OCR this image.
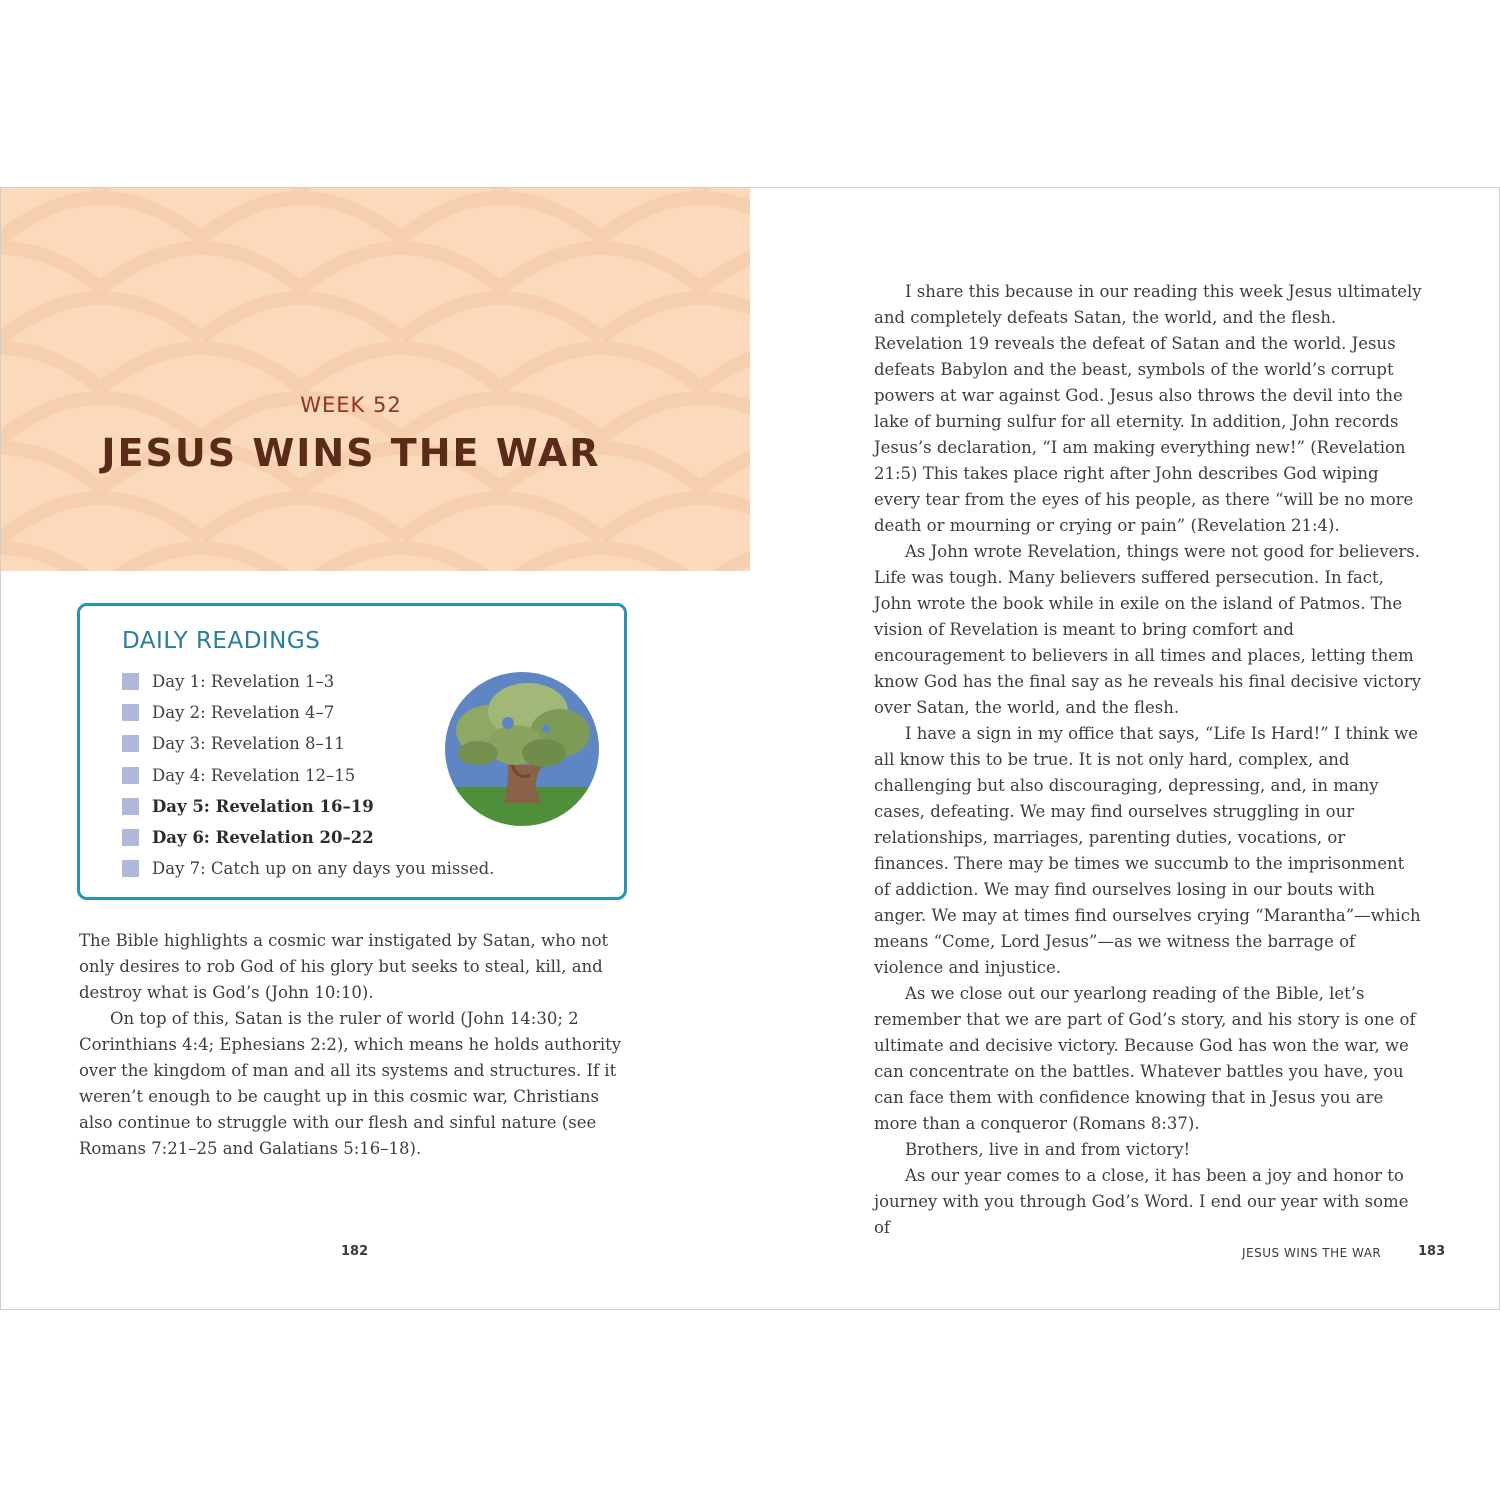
WEEK 52
JESUS WINS THE WAR
DAILY READINGS
Day 1: Revelation 1–3
Day 2: Revelation 4–7
Day 3: Revelation 8–11
Day 4: Revelation 12–15
Day 5: Revelation 16–19
Day 6: Revelation 20–22
Day 7: Catch up on any days you missed.

The Bible highlights a cosmic war instigated by Satan, who not only desires to rob God of his glory but seeks to steal, kill, and destroy what is God’s (John 10:10).

On top of this, Satan is the ruler of world (John 14:30; 2 Corinthians 4:4; Ephesians 2:2), which means he holds authority over the kingdom of man and all its systems and structures. If it weren’t enough to be caught up in this cosmic war, Christians also continue to struggle with our flesh and sinful nature (see Romans 7:21–25 and Galatians 5:16–18).

182

I share this because in our reading this week Jesus ultimately and completely defeats Satan, the world, and the flesh. Revelation 19 reveals the defeat of Satan and the world. Jesus defeats Babylon and the beast, symbols of the world’s corrupt powers at war against God. Jesus also throws the devil into the lake of burning sulfur for all eternity. In addition, John records Jesus’s declaration, “I am making everything new!” (Revelation 21:5) This takes place right after John describes God wiping every tear from the eyes of his people, as there “will be no more death or mourning or crying or pain” (Revelation 21:4).

As John wrote Revelation, things were not good for believers. Life was tough. Many believers suffered persecution. In fact, John wrote the book while in exile on the island of Patmos. The vision of Revelation is meant to bring comfort and encouragement to believers in all times and places, letting them know God has the final say as he reveals his final decisive victory over Satan, the world, and the flesh.

I have a sign in my office that says, “Life Is Hard!” I think we all know this to be true. It is not only hard, complex, and challenging but also discouraging, depressing, and, in many cases, defeating. We may find ourselves struggling in our relationships, marriages, parenting duties, vocations, or finances. There may be times we succumb to the imprisonment of addiction. We may find ourselves losing in our bouts with anger. We may at times find ourselves crying “Marantha”—which means “Come, Lord Jesus”—as we witness the barrage of violence and injustice.

As we close out our yearlong reading of the Bible, let’s remember that we are part of God’s story, and his story is one of ultimate and decisive victory. Because God has won the war, we can concentrate on the battles. Whatever battles you have, you can face them with confidence knowing that in Jesus you are more than a conqueror (Romans 8:37).

Brothers, live in and from victory!

As our year comes to a close, it has been a joy and honor to journey with you through God’s Word. I end our year with some of

JESUS WINS THE WAR	183
